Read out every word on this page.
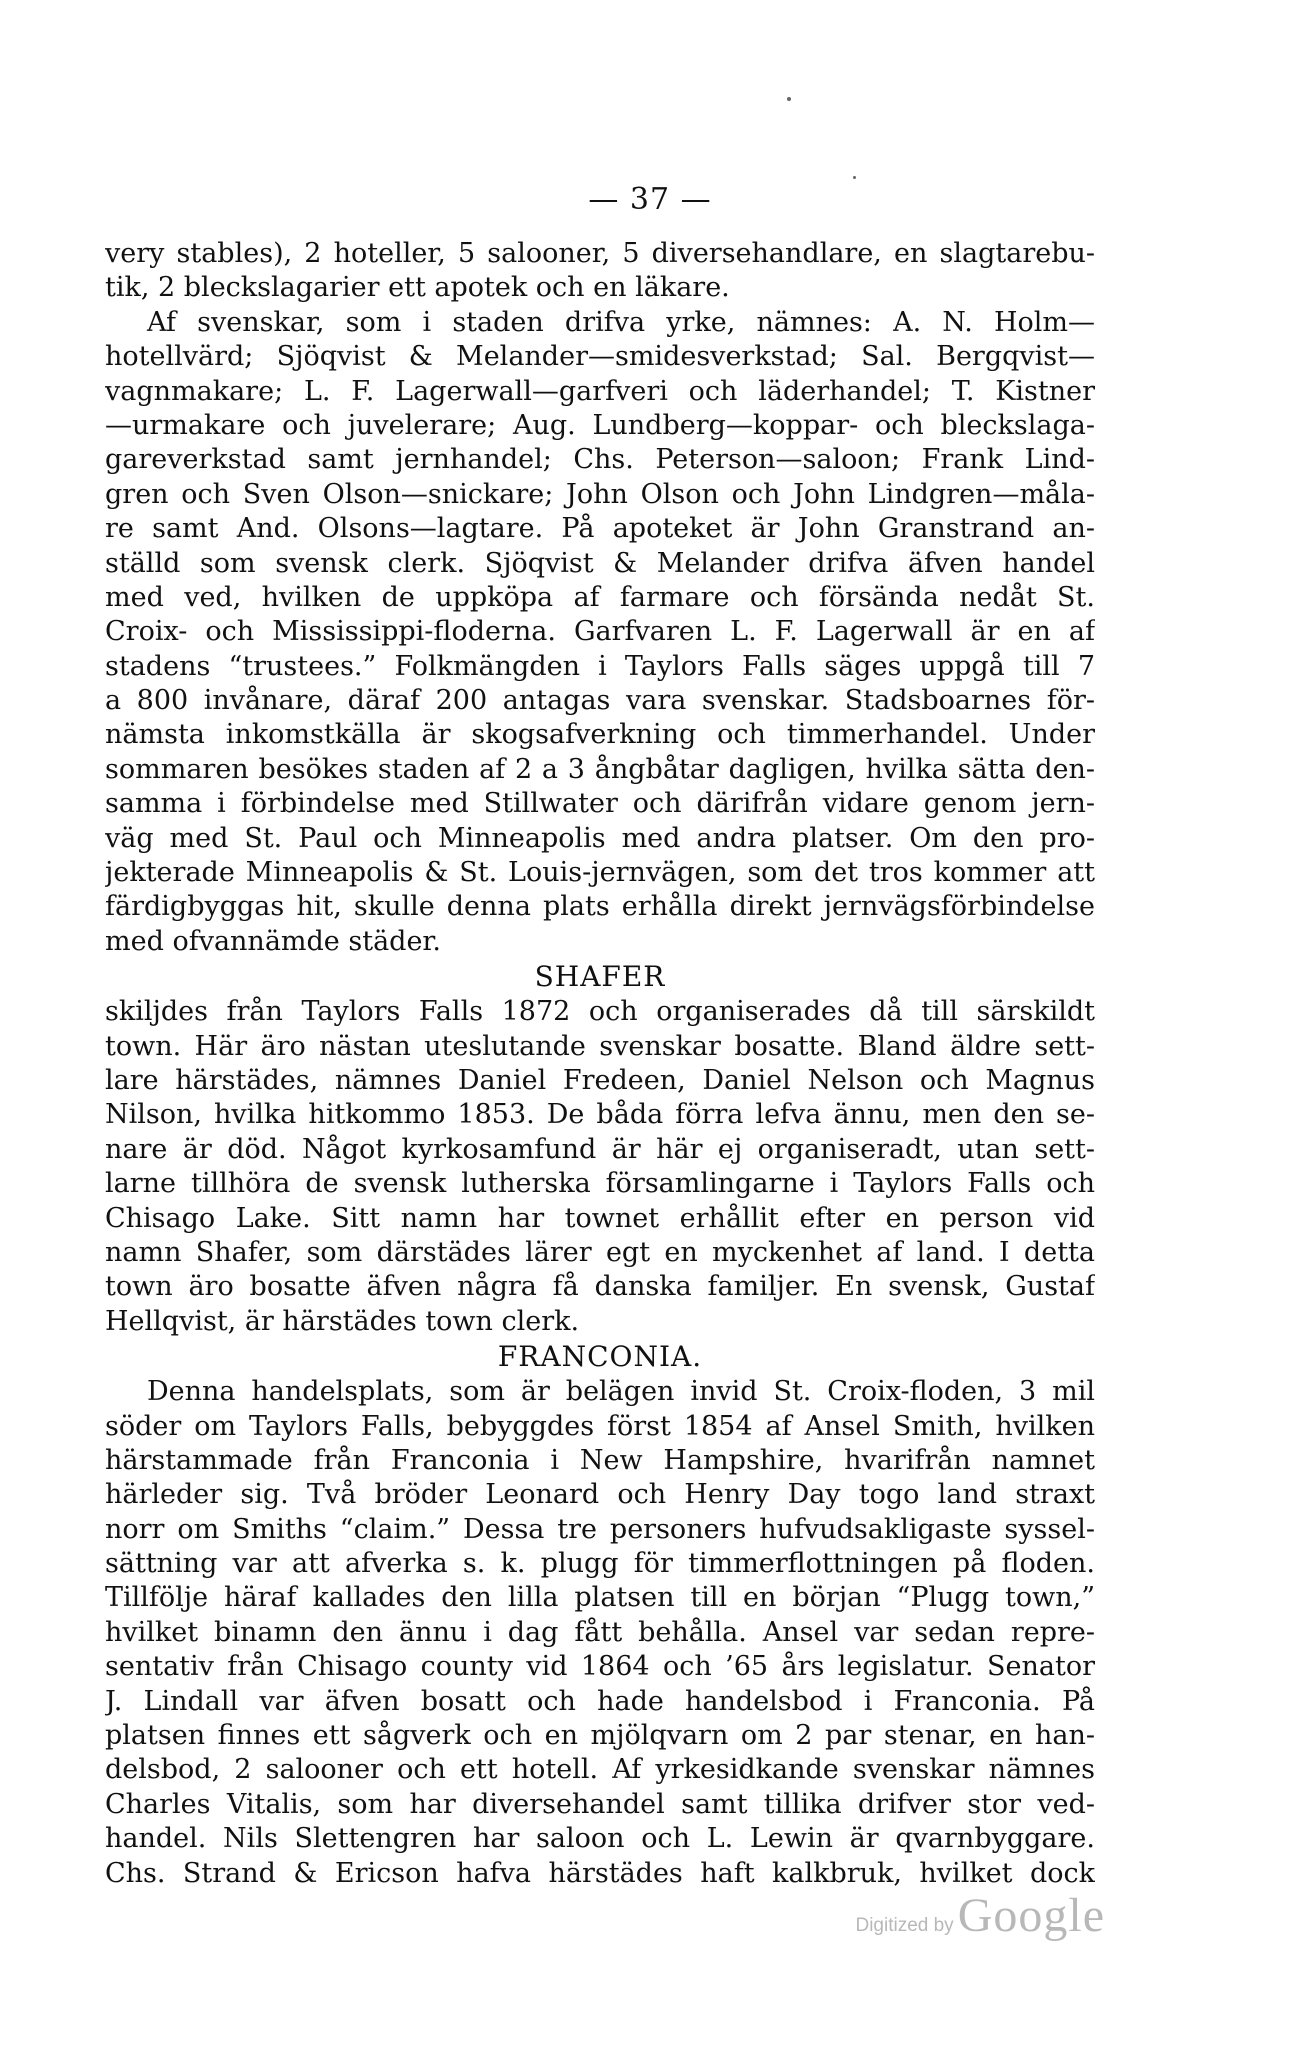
— 37 —
very stables), 2 hoteller, 5 salooner, 5 diversehandlare, en slagtarebu-
tik, 2 bleckslagarier ett apotek och en läkare.
Af svenskar, som i staden drifva yrke, nämnes: A. N. Holm—
hotellvärd; Sjöqvist & Melander—smidesverkstad; Sal. Bergqvist—
vagnmakare; L. F. Lagerwall—garfveri och läderhandel; T. Kistner
—urmakare och juvelerare; Aug. Lundberg—koppar- och bleckslaga-
gareverkstad samt jernhandel; Chs. Peterson—saloon; Frank Lind-
gren och Sven Olson—snickare; John Olson och John Lindgren—måla-
re samt And. Olsons—lagtare. På apoteket är John Granstrand an-
ställd som svensk clerk. Sjöqvist & Melander drifva äfven handel
med ved, hvilken de uppköpa af farmare och försända nedåt St.
Croix- och Mississippi-floderna. Garfvaren L. F. Lagerwall är en af
stadens “trustees.” Folkmängden i Taylors Falls säges uppgå till 7
a 800 invånare, däraf 200 antagas vara svenskar. Stadsboarnes för-
nämsta inkomstkälla är skogsafverkning och timmerhandel. Under
sommaren besökes staden af 2 a 3 ångbåtar dagligen, hvilka sätta den-
samma i förbindelse med Stillwater och därifrån vidare genom jern-
väg med St. Paul och Minneapolis med andra platser. Om den pro-
jekterade Minneapolis & St. Louis-jernvägen, som det tros kommer att
färdigbyggas hit, skulle denna plats erhålla direkt jernvägsförbindelse
med ofvannämde städer.
SHAFER
skiljdes från Taylors Falls 1872 och organiserades då till särskildt
town. Här äro nästan uteslutande svenskar bosatte. Bland äldre sett-
lare härstädes, nämnes Daniel Fredeen, Daniel Nelson och Magnus
Nilson, hvilka hitkommo 1853. De båda förra lefva ännu, men den se-
nare är död. Något kyrkosamfund är här ej organiseradt, utan sett-
larne tillhöra de svensk lutherska församlingarne i Taylors Falls och
Chisago Lake. Sitt namn har townet erhållit efter en person vid
namn Shafer, som därstädes lärer egt en myckenhet af land. I detta
town äro bosatte äfven några få danska familjer. En svensk, Gustaf
Hellqvist, är härstädes town clerk.
FRANCONIA.
Denna handelsplats, som är belägen invid St. Croix-floden, 3 mil
söder om Taylors Falls, bebyggdes först 1854 af Ansel Smith, hvilken
härstammade från Franconia i New Hampshire, hvarifrån namnet
härleder sig. Två bröder Leonard och Henry Day togo land straxt
norr om Smiths “claim.” Dessa tre personers hufvudsakligaste syssel-
sättning var att afverka s. k. plugg för timmerflottningen på floden.
Tillfölje häraf kallades den lilla platsen till en början “Plugg town,”
hvilket binamn den ännu i dag fått behålla. Ansel var sedan repre-
sentativ från Chisago county vid 1864 och ’65 års legislatur. Senator
J. Lindall var äfven bosatt och hade handelsbod i Franconia. På
platsen finnes ett sågverk och en mjölqvarn om 2 par stenar, en han-
delsbod, 2 salooner och ett hotell. Af yrkesidkande svenskar nämnes
Charles Vitalis, som har diversehandel samt tillika drifver stor ved-
handel. Nils Slettengren har saloon och L. Lewin är qvarnbyggare.
Chs. Strand & Ericson hafva härstädes haft kalkbruk, hvilket dock
Digitized by Google
